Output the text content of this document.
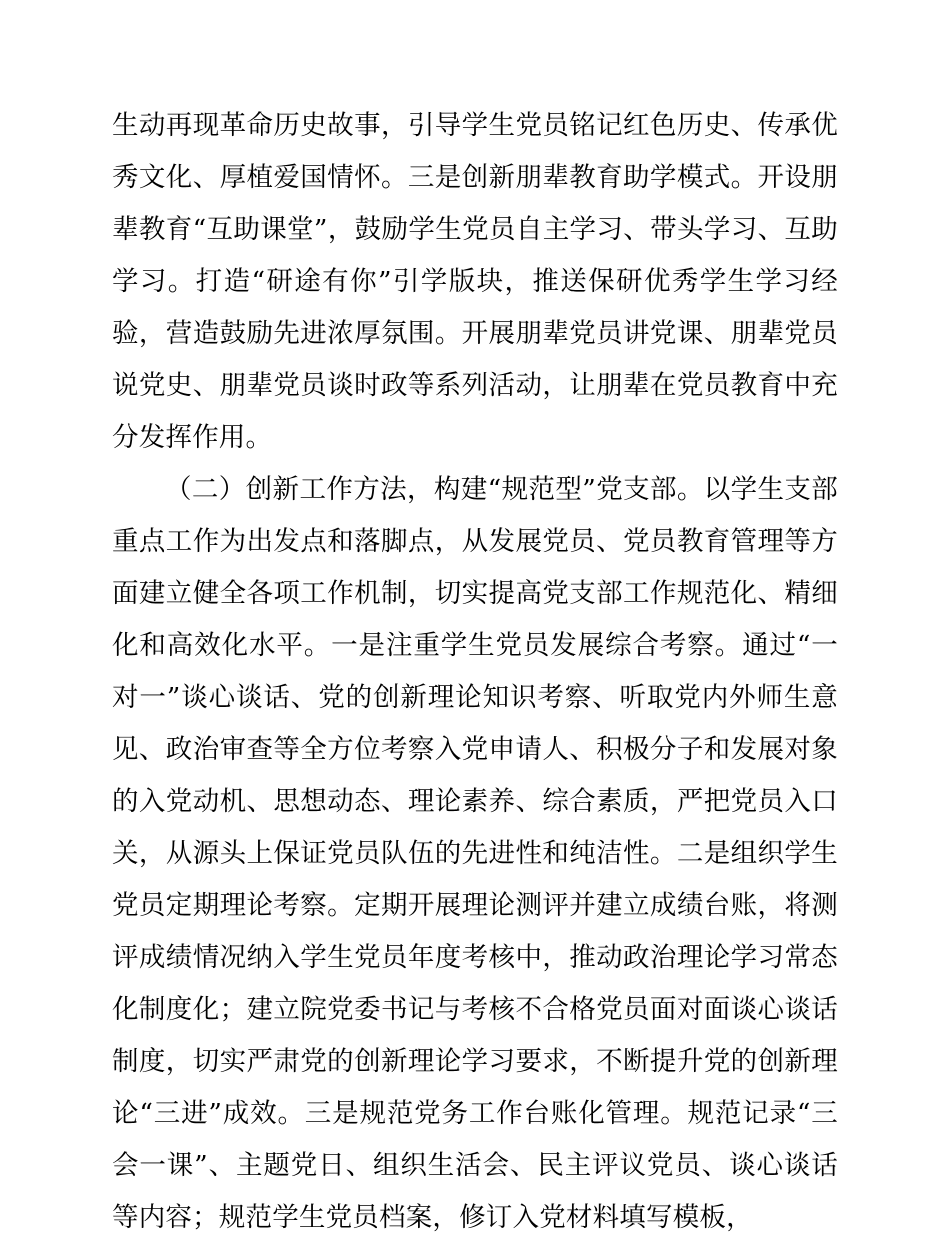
生动再现革命历史故事，引导学生党员铭记红色历史、传承优秀文化、厚植爱国情怀。三是创新朋辈教育助学模式。开设朋辈教育“互助课堂”，鼓励学生党员自主学习、带头学习、互助学习。打造“研途有你”引学版块，推送保研优秀学生学习经验，营造鼓励先进浓厚氛围。开展朋辈党员讲党课、朋辈党员说党史、朋辈党员谈时政等系列活动，让朋辈在党员教育中充分发挥作用。

（二）创新工作方法，构建“规范型”党支部。以学生支部重点工作为出发点和落脚点，从发展党员、党员教育管理等方面建立健全各项工作机制，切实提高党支部工作规范化、精细化和高效化水平。一是注重学生党员发展综合考察。通过“一对一”谈心谈话、党的创新理论知识考察、听取党内外师生意见、政治审查等全方位考察入党申请人、积极分子和发展对象的入党动机、思想动态、理论素养、综合素质，严把党员入口关，从源头上保证党员队伍的先进性和纯洁性。二是组织学生党员定期理论考察。定期开展理论测评并建立成绩台账，将测评成绩情况纳入学生党员年度考核中，推动政治理论学习常态化制度化；建立院党委书记与考核不合格党员面对面谈心谈话制度，切实严肃党的创新理论学习要求，不断提升党的创新理论“三进”成效。三是规范党务工作台账化管理。规范记录“三会一课”、主题党日、组织生活会、民主评议党员、谈心谈话等内容；规范学生党员档案，修订入党材料填写模板，
